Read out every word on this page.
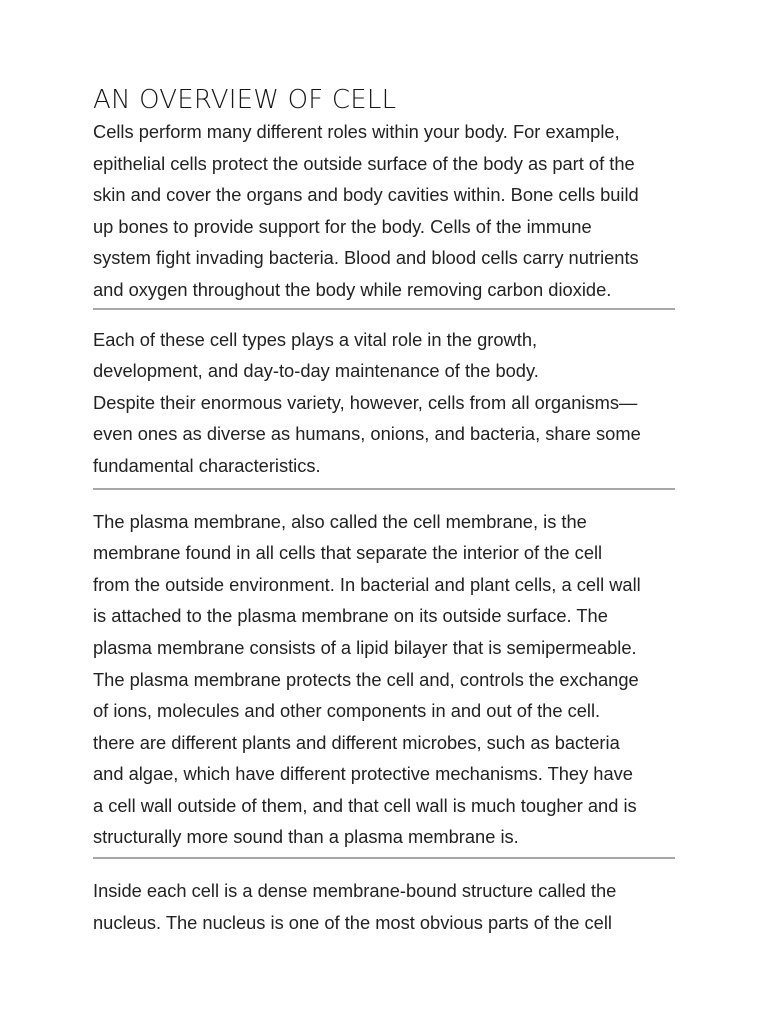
AN OVERVIEW OF CELL

Cells perform many different roles within your body. For example,
epithelial cells protect the outside surface of the body as part of the
skin and cover the organs and body cavities within. Bone cells build
up bones to provide support for the body. Cells of the immune
system fight invading bacteria. Blood and blood cells carry nutrients
and oxygen throughout the body while removing carbon dioxide.

Each of these cell types plays a vital role in the growth,
development, and day-to-day maintenance of the body.
Despite their enormous variety, however, cells from all organisms—
even ones as diverse as humans, onions, and bacteria, share some
fundamental characteristics.

The plasma membrane, also called the cell membrane, is the
membrane found in all cells that separate the interior of the cell
from the outside environment. In bacterial and plant cells, a cell wall
is attached to the plasma membrane on its outside surface. The
plasma membrane consists of a lipid bilayer that is semipermeable.
The plasma membrane protects the cell and, controls the exchange
of ions, molecules and other components in and out of the cell.
there are different plants and different microbes, such as bacteria
and algae, which have different protective mechanisms. They have
a cell wall outside of them, and that cell wall is much tougher and is
structurally more sound than a plasma membrane is.

Inside each cell is a dense membrane-bound structure called the
nucleus. The nucleus is one of the most obvious parts of the cell
